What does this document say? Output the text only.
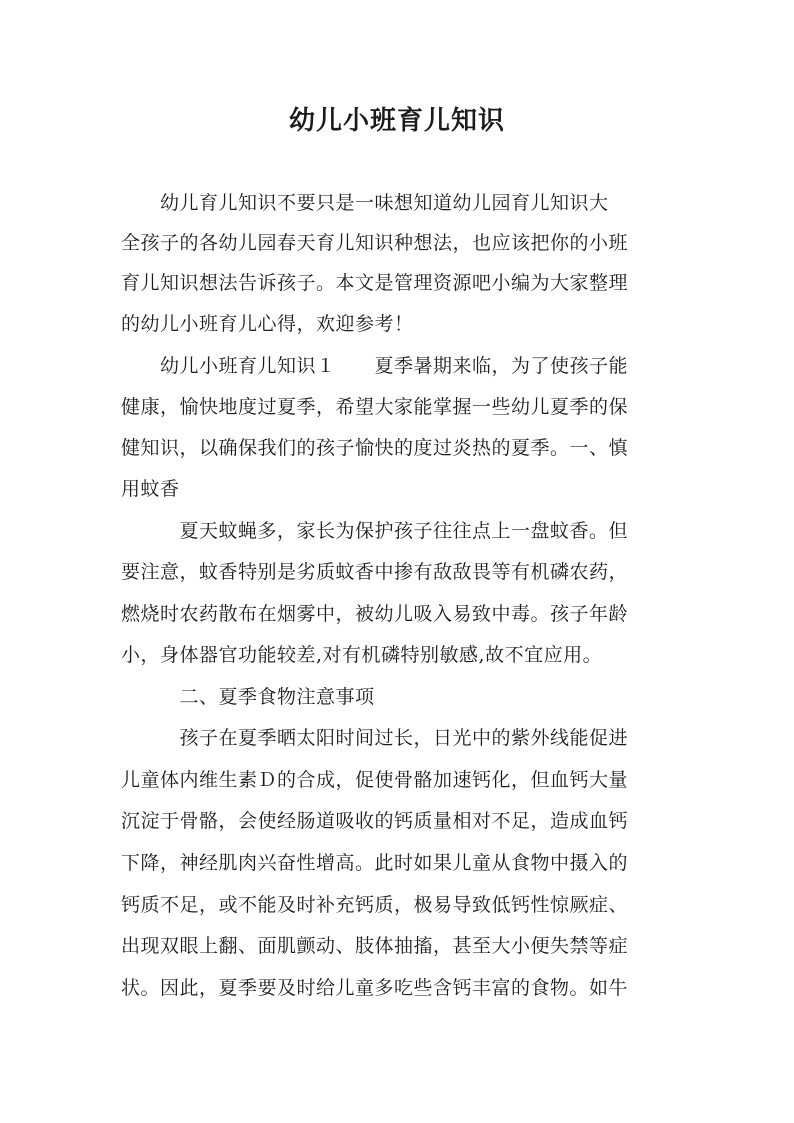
幼儿小班育儿知识
　　幼儿育儿知识不要只是一味想知道幼儿园育儿知识大
全孩子的各幼儿园春天育儿知识种想法，也应该把你的小班
育儿知识想法告诉孩子。本文是管理资源吧小编为大家整理
的幼儿小班育儿心得，欢迎参考！
　　幼儿小班育儿知识１　　夏季暑期来临，为了使孩子能
健康，愉快地度过夏季，希望大家能掌握一些幼儿夏季的保
健知识，以确保我们的孩子愉快的度过炎热的夏季。一、慎
用蚊香
　　　夏天蚊蝇多，家长为保护孩子往往点上一盘蚊香。但
要注意，蚊香特别是劣质蚊香中掺有敌敌畏等有机磷农药，
燃烧时农药散布在烟雾中，被幼儿吸入易致中毒。孩子年龄
小，身体器官功能较差,对有机磷特别敏感,故不宜应用。
　　　二、夏季食物注意事项
　　　孩子在夏季晒太阳时间过长，日光中的紫外线能促进
儿童体内维生素Ｄ的合成，促使骨骼加速钙化，但血钙大量
沉淀于骨骼，会使经肠道吸收的钙质量相对不足，造成血钙
下降，神经肌肉兴奋性增高。此时如果儿童从食物中摄入的
钙质不足，或不能及时补充钙质，极易导致低钙性惊厥症、
出现双眼上翻、面肌颤动、肢体抽搐，甚至大小便失禁等症
状。因此，夏季要及时给儿童多吃些含钙丰富的食物。如牛
